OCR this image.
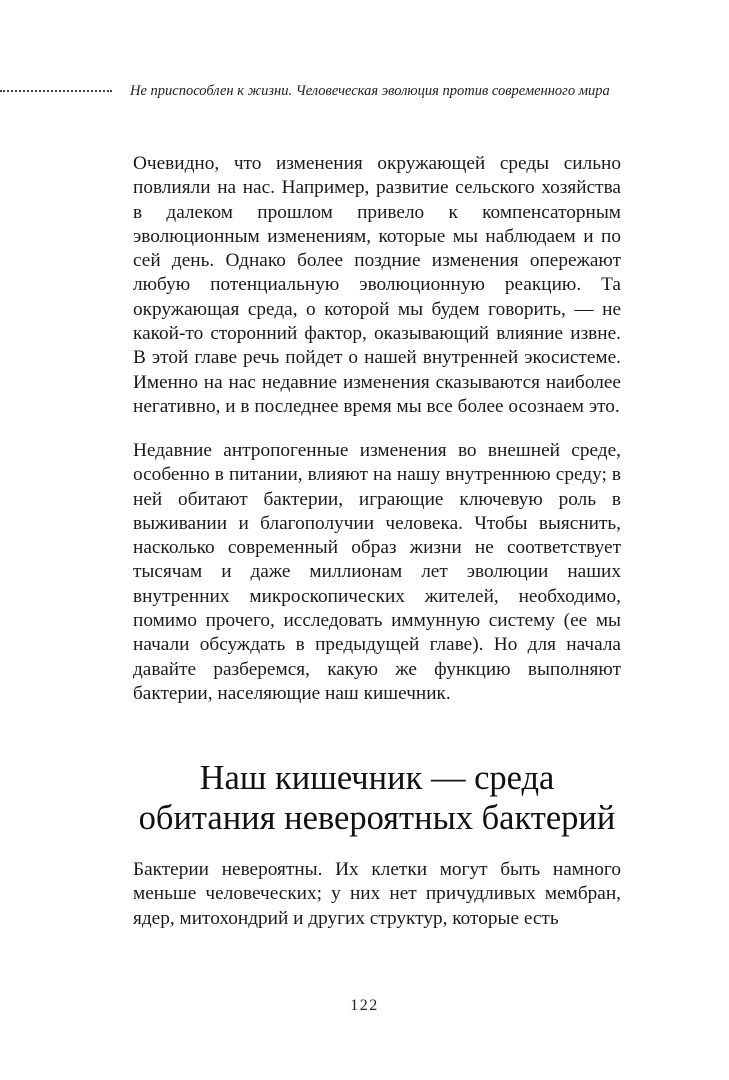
Не приспособлен к жизни. Человеческая эволюция против современного мира

Очевидно, что изменения окружающей среды сильно повлияли на нас. Например, развитие сельского хозяйства в далеком прошлом привело к компенсаторным эволюционным изменениям, которые мы наблюдаем и по сей день. Однако более поздние изменения опережают любую потенциальную эволюционную реакцию. Та окружающая среда, о которой мы будем говорить, — не какой-то сторонний фактор, оказывающий влияние извне. В этой главе речь пойдет о нашей внутренней экосистеме. Именно на нас недавние изменения сказываются наиболее негативно, и в последнее время мы все более осознаем это.

Недавние антропогенные изменения во внешней среде, особенно в питании, влияют на нашу внутреннюю среду; в ней обитают бактерии, играющие ключевую роль в выживании и благополучии человека. Чтобы выяснить, насколько современный образ жизни не соответствует тысячам и даже миллионам лет эволюции наших внутренних микроскопических жителей, необходимо, помимо прочего, исследовать иммунную систему (ее мы начали обсуждать в предыдущей главе). Но для начала давайте разберемся, какую же функцию выполняют бактерии, населяющие наш кишечник.

Наш кишечник — среда обитания невероятных бактерий

Бактерии невероятны. Их клетки могут быть намного меньше человеческих; у них нет причудливых мембран, ядер, митохондрий и других структур, которые есть

122
